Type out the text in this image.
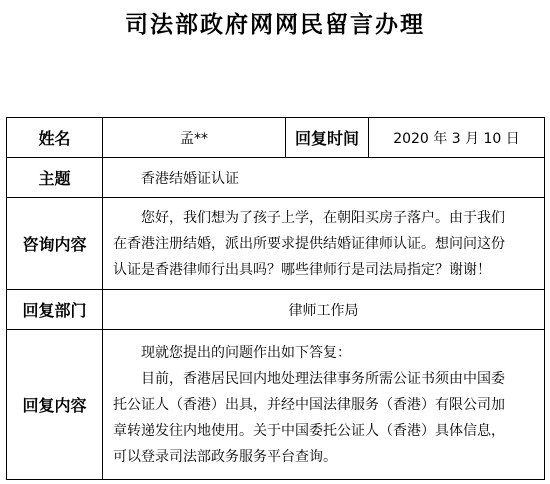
司法部政府网网民留言办理
姓名	孟**	回复时间	2020 年 3 月 10 日
主题	香港结婚证认证		
咨询内容	您好，我们想为了孩子上学，在朝阳买房子落户。由于我们

在香港注册结婚，派出所要求提供结婚证律师认证。想问问这份

认证是香港律师行出具吗？哪些律师行是司法局指定？谢谢！		

回复部门	律师工作局		
回复内容	现就您提出的问题作出如下答复：

目前，香港居民回内地处理法律事务所需公证书须由中国委

托公证人（香港）出具，并经中国法律服务（香港）有限公司加

章转递发往内地使用。关于中国委托公证人（香港）具体信息，

可以登录司法部政务服务平台查询。		
